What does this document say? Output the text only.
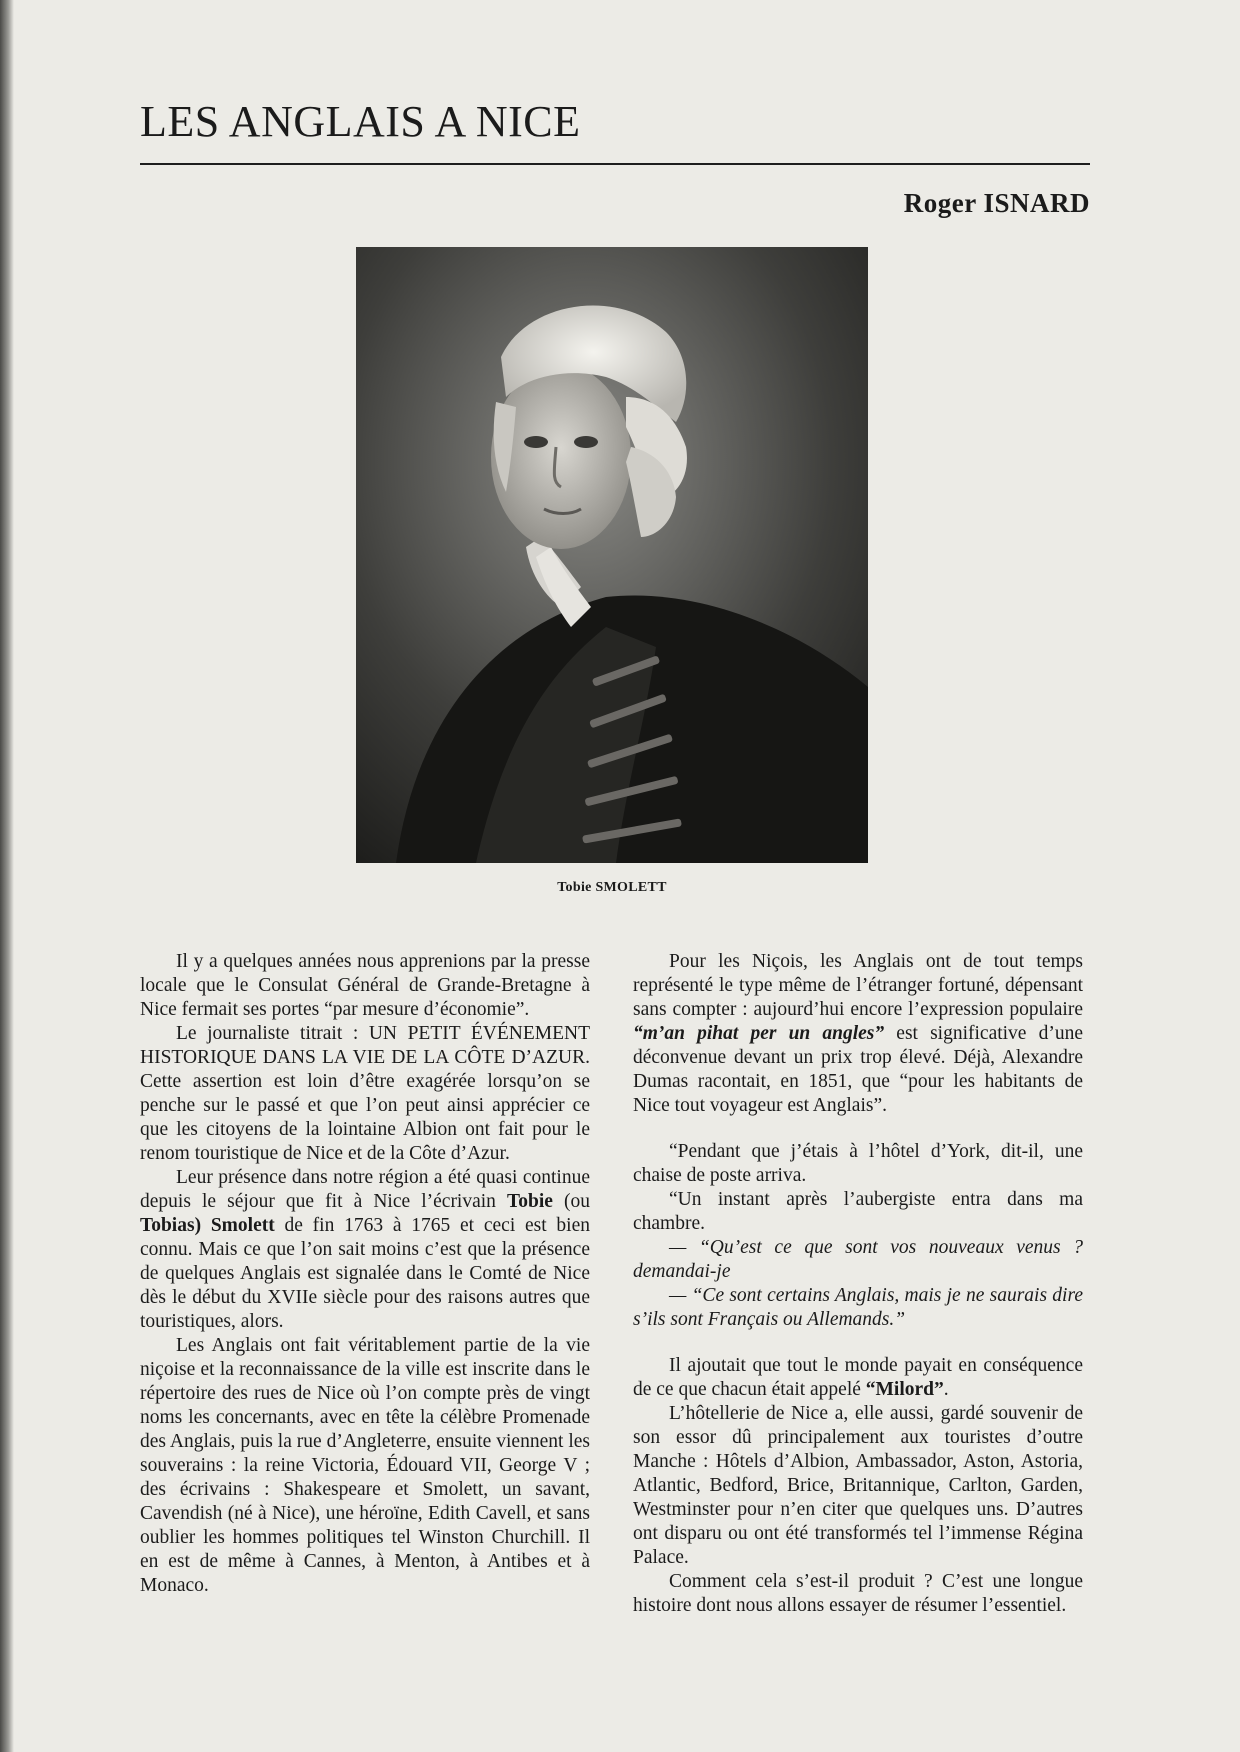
LES ANGLAIS A NICE
Roger ISNARD
Tobie SMOLETT

Il y a quelques années nous apprenions par la presse locale que le Consulat Général de Grande-Bretagne à Nice fermait ses portes “par mesure d’économie”.

Le journaliste titrait : UN PETIT ÉVÉNEMENT HISTORIQUE DANS LA VIE DE LA CÔTE D’AZUR. Cette assertion est loin d’être exagérée lorsqu’on se penche sur le passé et que l’on peut ainsi apprécier ce que les citoyens de la lointaine Albion ont fait pour le renom touristique de Nice et de la Côte d’Azur.

Leur présence dans notre région a été quasi continue depuis le séjour que fit à Nice l’écrivain Tobie (ou Tobias) Smolett de fin 1763 à 1765 et ceci est bien connu. Mais ce que l’on sait moins c’est que la présence de quelques Anglais est signalée dans le Comté de Nice dès le début du XVIIe siècle pour des raisons autres que touristiques, alors.

Les Anglais ont fait véritablement partie de la vie niçoise et la reconnaissance de la ville est inscrite dans le répertoire des rues de Nice où l’on compte près de vingt noms les concernants, avec en tête la célèbre Promenade des Anglais, puis la rue d’Angleterre, ensuite viennent les souverains : la reine Victoria, Édouard VII, George V ; des écrivains : Shakespeare et Smolett, un savant, Cavendish (né à Nice), une héroïne, Edith Cavell, et sans oublier les hommes politiques tel Winston Churchill. Il en est de même à Cannes, à Menton, à Antibes et à Monaco.

Pour les Niçois, les Anglais ont de tout temps représenté le type même de l’étranger fortuné, dépensant sans compter : aujourd’hui encore l’expression populaire “m’an pihat per un angles” est significative d’une déconvenue devant un prix trop élevé. Déjà, Alexandre Dumas racontait, en 1851, que “pour les habitants de Nice tout voyageur est Anglais”.

“Pendant que j’étais à l’hôtel d’York, dit-il, une chaise de poste arriva.

“Un instant après l’aubergiste entra dans ma chambre.

— “Qu’est ce que sont vos nouveaux venus ? demandai-je

— “Ce sont certains Anglais, mais je ne saurais dire s’ils sont Français ou Allemands.”

Il ajoutait que tout le monde payait en conséquence de ce que chacun était appelé “Milord”.

L’hôtellerie de Nice a, elle aussi, gardé souvenir de son essor dû principalement aux touristes d’outre Manche : Hôtels d’Albion, Ambassador, Aston, Astoria, Atlantic, Bedford, Brice, Britannique, Carlton, Garden, Westminster pour n’en citer que quelques uns. D’autres ont disparu ou ont été transformés tel l’immense Régina Palace.

Comment cela s’est-il produit ? C’est une longue histoire dont nous allons essayer de résumer l’essentiel.
